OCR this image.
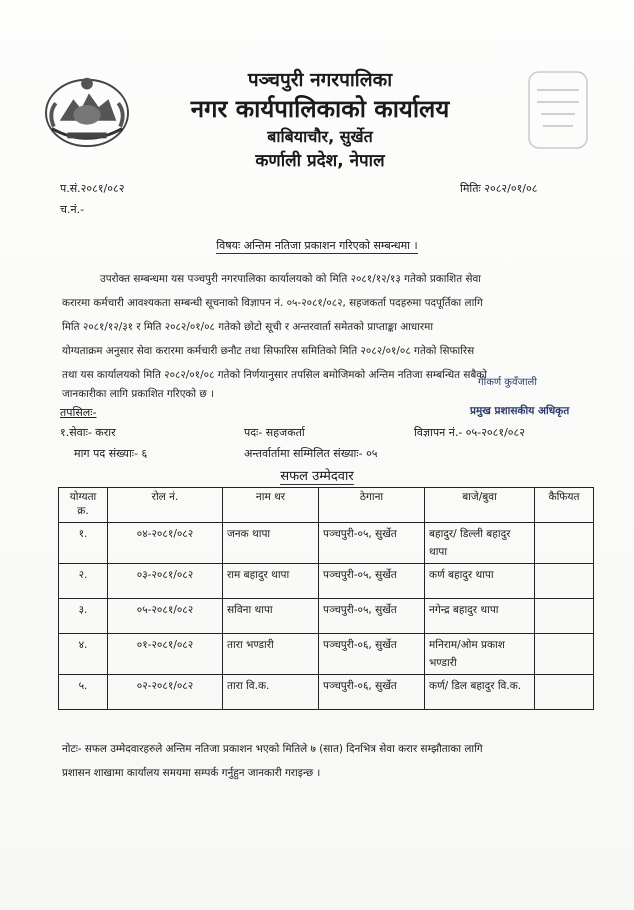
पञ्चपुरी नगरपालिका
नगर कार्यपालिकाको कार्यालय
बाबियाचौर, सुर्खेत
कर्णाली प्रदेश, नेपाल
प.सं.२०८१/०८२
च.नं.-
मितिः २०८२/०१/०८
विषयः अन्तिम नतिजा प्रकाशन गरिएको सम्बन्धमा ।
उपरोक्त सम्बन्धमा यस पञ्चपुरी नगरपालिका कार्यालयको को मिति २०८१/१२/१३ गतेको प्रकाशित सेवा
करारमा कर्मचारी आवश्यकता सम्बन्धी सूचनाको विज्ञापन नं. ०५-२०८१/०८२, सहजकर्ता पदहरुमा पदपूर्तिका लागि
मिति २०८१/१२/३१ र मिति २०८२/०१/०८ गतेको छोटो सूची र अन्तरवार्ता समेतको प्राप्ताङ्का आधारमा
योग्यताक्रम अनुसार सेवा करारमा कर्मचारी छनौट तथा सिफारिस समितिको मिति २०८२/०१/०८ गतेको सिफारिस
तथा यस कार्यालयको मिति २०८२/०१/०८ गतेको निर्णयानुसार तपसिल बमोजिमको अन्तिम नतिजा सम्बन्धित सबैको
जानकारीका लागि प्रकाशित गरिएको छ ।
गीकर्ण कुवँजाली
प्रमुख प्रशासकीय अधिकृत
तपसिलः-
१.सेवाः- करार	पदः- सहजकर्ता	विज्ञापन नं.- ०५-२०८१/०८२
माग पद संख्याः- ६	अन्तर्वार्तामा सम्मिलित संख्याः- ०५
सफल उम्मेदवार
योग्यता क्र.	रोल नं.	नाम थर	ठेगाना	बाजे/बुवा	कैफियत
१.	०४-२०८१/०८२	जनक थापा	पञ्चपुरी-०५, सुर्खेत	बहादुर/ डिल्ली बहादुर थापा	
२.	०३-२०८१/०८२	राम बहादुर थापा	पञ्चपुरी-०५, सुर्खेत	कर्ण बहादुर थापा	
३.	०५-२०८१/०८२	सविना थापा	पञ्चपुरी-०५, सुर्खेत	नगेन्द्र बहादुर थापा	
४.	०१-२०८१/०८२	तारा भण्डारी	पञ्चपुरी-०६, सुर्खेत	मनिराम/ओम प्रकाश भण्डारी	
५.	०२-२०८१/०८२	तारा वि.क.	पञ्चपुरी-०६, सुर्खेत	कर्ण/ डिल बहादुर वि.क.	
नोटः- सफल उम्मेदवारहरुले अन्तिम नतिजा प्रकाशन भएको मितिले ७ (सात) दिनभित्र सेवा करार सम्झौताका लागि
प्रशासन शाखामा कार्यालय समयमा सम्पर्क गर्नुहुन जानकारी गराइन्छ ।
